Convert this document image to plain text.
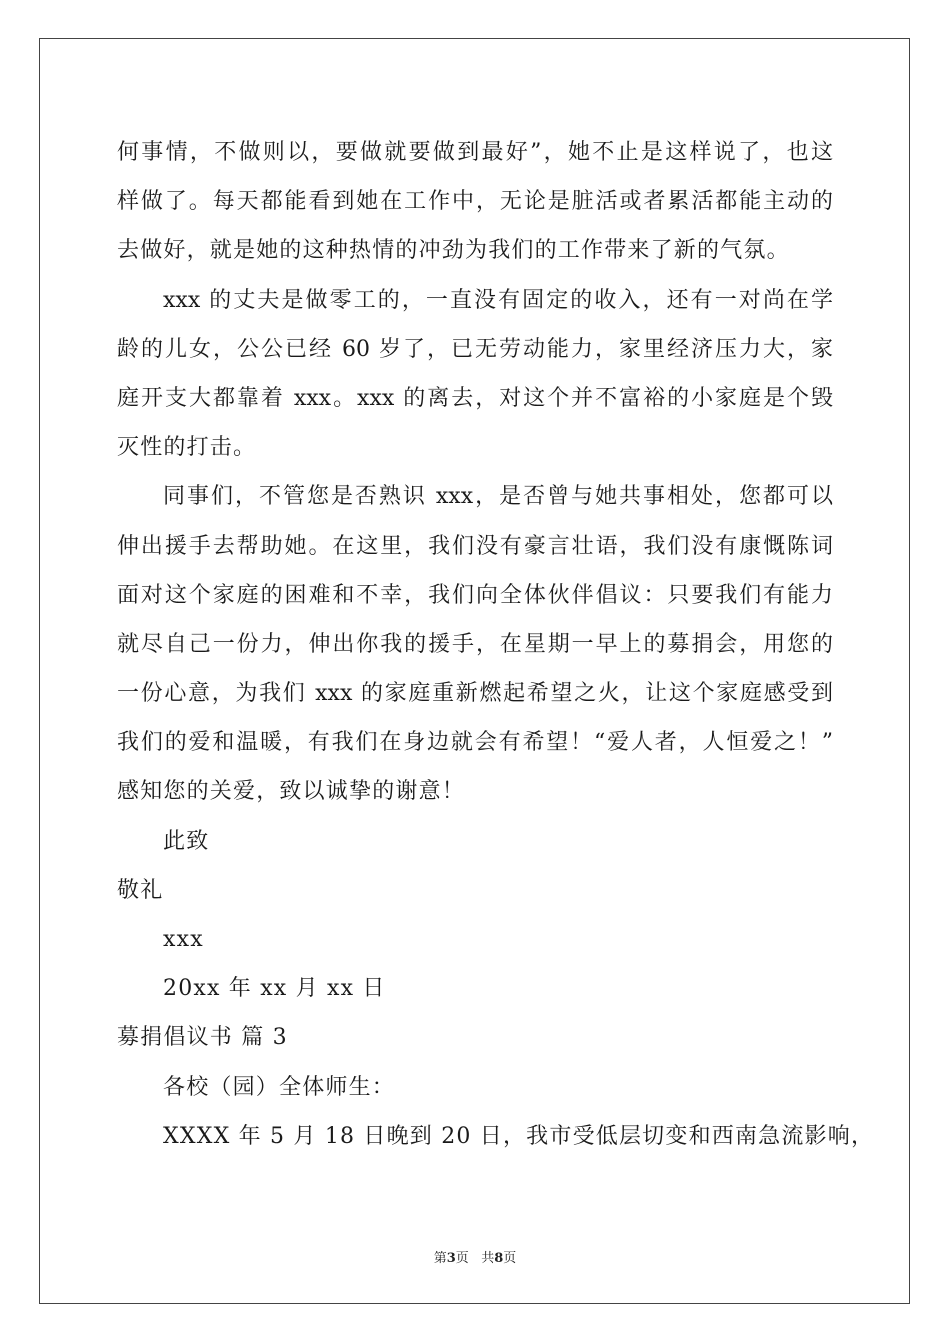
何事情，不做则以，要做就要做到最好”，她不止是这样说了，也这
样做了。每天都能看到她在工作中，无论是脏活或者累活都能主动的
去做好，就是她的这种热情的冲劲为我们的工作带来了新的气氛。
xxx 的丈夫是做零工的，一直没有固定的收入，还有一对尚在学
龄的儿女，公公已经 60 岁了，已无劳动能力，家里经济压力大，家
庭开支大都靠着 xxx。xxx 的离去，对这个并不富裕的小家庭是个毁
灭性的打击。
同事们，不管您是否熟识 xxx，是否曾与她共事相处，您都可以
伸出援手去帮助她。在这里，我们没有豪言壮语，我们没有康慨陈词
面对这个家庭的困难和不幸，我们向全体伙伴倡议：只要我们有能力
就尽自己一份力，伸出你我的援手，在星期一早上的募捐会，用您的
一份心意，为我们 xxx 的家庭重新燃起希望之火，让这个家庭感受到
我们的爱和温暖，有我们在身边就会有希望！“爱人者，人恒爱之！”
感知您的关爱，致以诚挚的谢意！
此致
敬礼
xxx
20xx 年 xx 月 xx 日
募捐倡议书 篇 3
各校（园）全体师生：
XXXX 年 5 月 18 日晚到 20 日，我市受低层切变和西南急流影响，
第3页   共8页
